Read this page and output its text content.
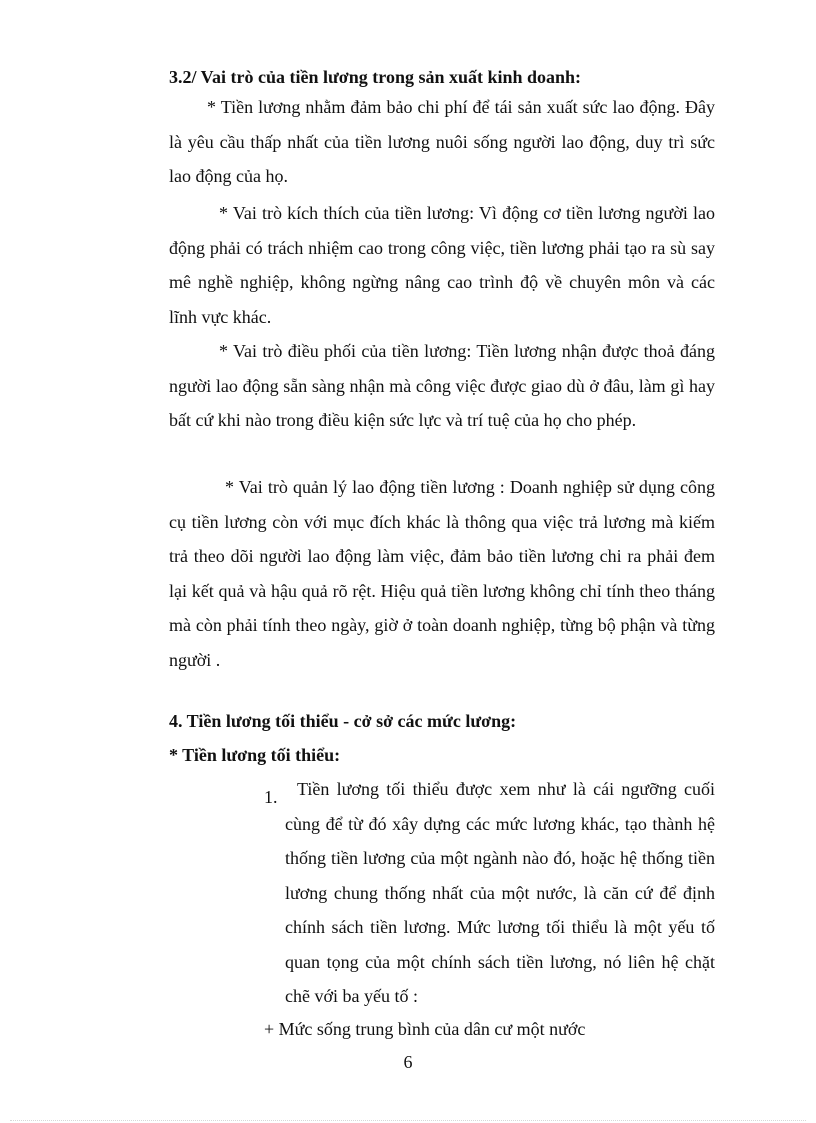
3.2/ Vai trò của tiền lương trong sản xuất kinh doanh:
* Tiền lương nhằm đảm bảo chi phí để tái sản xuất sức lao động. Đây là yêu cầu thấp nhất của tiền lương nuôi sống người lao động, duy trì sức lao động của họ.
* Vai trò kích thích của tiền lương: Vì động cơ tiền lương người lao động phải có trách nhiệm cao trong công việc, tiền lương phải tạo ra sù say mê nghề nghiệp, không ngừng nâng cao trình độ về chuyên môn và các lĩnh vực khác.
* Vai trò điều phối của tiền lương: Tiền lương nhận được thoả đáng người lao động sẵn sàng nhận mà công việc được giao dù ở đâu, làm gì hay bất cứ khi nào trong điều kiện sức lực và trí tuệ của họ cho phép.
* Vai trò quản lý lao động tiền lương : Doanh nghiệp sử dụng công cụ tiền lương còn với mục đích khác là thông qua việc trả lương mà kiếm trả theo dõi người lao động làm việc, đảm bảo tiền lương chi ra phải đem lại kết quả và hậu quả rõ rệt. Hiệu quả tiền lương không chỉ tính theo tháng mà còn phải tính theo ngày, giờ ở toàn doanh nghiệp, từng bộ phận và từng người .
4. Tiền lương tối thiểu - cở sở các mức lương:
* Tiền lương tối thiểu:
1.	Tiền lương tối thiểu được xem như là cái ngưỡng cuối cùng để từ đó xây dựng các mức lương khác, tạo thành hệ thống tiền lương của một ngành nào đó, hoặc hệ thống tiền lương chung thống nhất của một nước, là căn cứ để định chính sách tiền lương. Mức lương tối thiểu là một yếu tố quan tọng của một chính sách tiền lương, nó liên hệ chặt chẽ với ba yếu tố :
+ Mức sống trung bình của dân cư một nước
6
